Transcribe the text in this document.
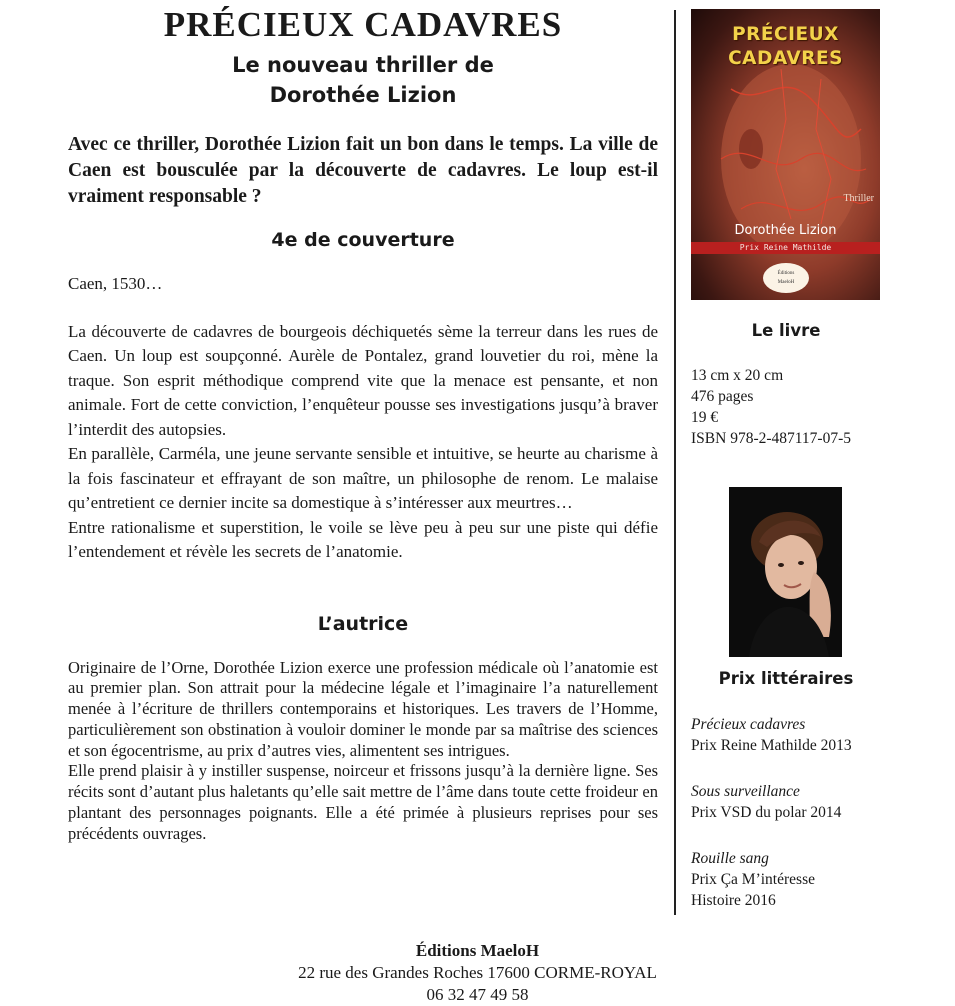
PRÉCIEUX CADAVRES

Le nouveau thriller de

Dorothée Lizion

Avec ce thriller, Dorothée Lizion fait un bon dans le temps. La ville de Caen est bousculée par la découverte de cadavres. Le loup est-il vraiment responsable ?

4e de couverture

Caen, 1530…

La découverte de cadavres de bourgeois déchiquetés sème la terreur dans les rues de Caen. Un loup est soupçonné. Aurèle de Pontalez, grand louvetier du roi, mène la traque. Son esprit méthodique comprend vite que la menace est pensante, et non animale. Fort de cette conviction, l’enquêteur pousse ses investigations jusqu’à braver l’interdit des autopsies.

En parallèle, Carméla, une jeune servante sensible et intuitive, se heurte au charisme à la fois fascinateur et effrayant de son maître, un philosophe de renom. Le malaise qu’entretient ce dernier incite sa domestique à s’intéresser aux meurtres…

Entre rationalisme et superstition, le voile se lève peu à peu sur une piste qui défie l’entendement et révèle les secrets de l’anatomie.

L’autrice

Originaire de l’Orne, Dorothée Lizion exerce une profession médicale où l’anatomie est au premier plan. Son attrait pour la médecine légale et l’imaginaire l’a naturellement menée à l’écriture de thrillers contemporains et historiques. Les travers de l’Homme, particulièrement son obstination à vouloir dominer le monde par sa maîtrise des sciences et son égocentrisme, au prix d’autres vies, alimentent ses intrigues.

Elle prend plaisir à y instiller suspense, noirceur et frissons jusqu’à la dernière ligne. Ses récits sont d’autant plus haletants qu’elle sait mettre de l’âme dans toute cette froideur en plantant des personnages poignants. Elle a été primée à plusieurs reprises pour ses précédents ouvrages.

PRÉCIEUX
CADAVRES
Thriller
Dorothée Lizion
Prix Reine Mathilde
Éditions
MaeloH
Le livre

13 cm x 20 cm

476 pages

19 €

ISBN 978-2-487117-07-5

Prix littéraires

Précieux cadavres

Prix Reine Mathilde 2013

Sous surveillance

Prix VSD du polar 2014

Rouille sang

Prix Ça M’intéresse Histoire 2016

Éditions MaeloH
22 rue des Grandes Roches 17600 CORME-ROYAL
06 32 47 49 58
